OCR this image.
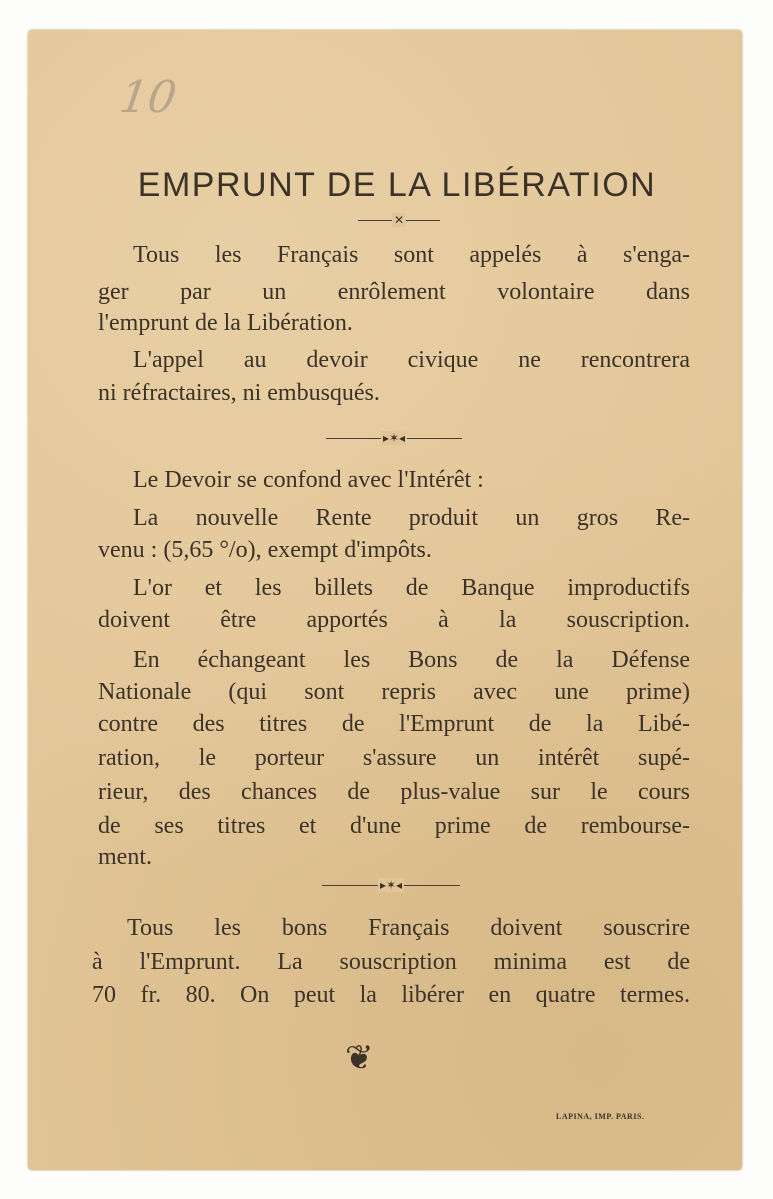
10
EMPRUNT DE LA LIBÉRATION
✕
Tous les Français sont appelés à s'enga-
ger par un enrôlement volontaire dans
l'emprunt de la Libération.
L'appel au devoir civique ne rencontrera
ni réfractaires, ni embusqués.
▸✶◂
Le Devoir se confond avec l'Intérêt :
La nouvelle Rente produit un gros Re-
venu : (5,65 °/o), exempt d'impôts.
L'or et les billets de Banque improductifs
doivent être apportés à la souscription.
En échangeant les Bons de la Défense
Nationale (qui sont repris avec une prime)
contre des titres de l'Emprunt de la Libé-
ration, le porteur s'assure un intérêt supé-
rieur, des chances de plus-value sur le cours
de ses titres et d'une prime de rembourse-
ment.
▸✶◂
Tous les bons Français doivent souscrire
à l'Emprunt. La souscription minima est de
70 fr. 80. On peut la libérer en quatre termes.
❦
LAPINA, IMP. PARIS.
